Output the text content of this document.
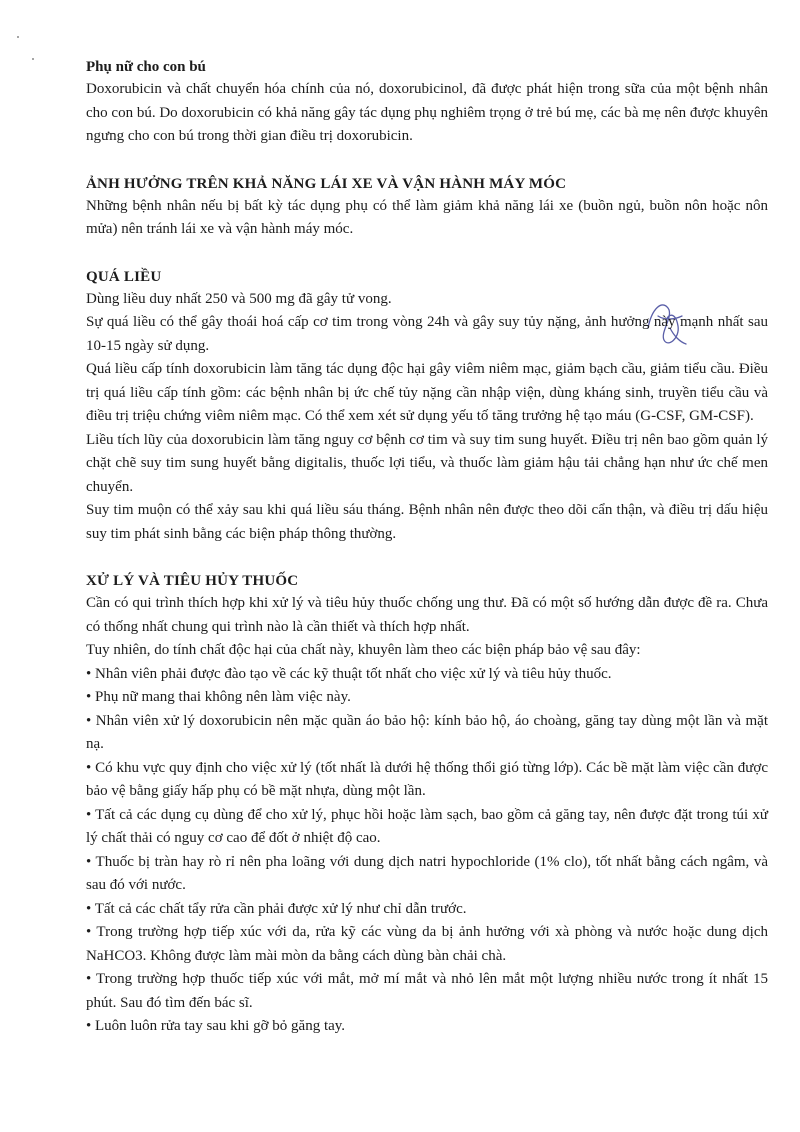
Phụ nữ cho con bú

Doxorubicin và chất chuyển hóa chính của nó, doxorubicinol, đã được phát hiện trong sữa của một bệnh nhân cho con bú. Do doxorubicin có khả năng gây tác dụng phụ nghiêm trọng ở trẻ bú mẹ, các bà mẹ nên được khuyên ngưng cho con bú trong thời gian điều trị doxorubicin.

ẢNH HƯỞNG TRÊN KHẢ NĂNG LÁI XE VÀ VẬN HÀNH MÁY MÓC

Những bệnh nhân nếu bị bất kỳ tác dụng phụ có thể làm giảm khả năng lái xe (buồn ngủ, buồn nôn hoặc nôn mửa) nên tránh lái xe và vận hành máy móc.

QUÁ LIỀU

Dùng liều duy nhất 250 và 500 mg đã gây tử vong.

Sự quá liều có thể gây thoái hoá cấp cơ tim trong vòng 24h và gây suy tủy nặng, ảnh hưởng này mạnh nhất sau 10-15 ngày sử dụng.

Quá liều cấp tính doxorubicin làm tăng tác dụng độc hại gây viêm niêm mạc, giảm bạch cầu, giảm tiểu cầu. Điều trị quá liều cấp tính gồm: các bệnh nhân bị ức chế tủy nặng cần nhập viện, dùng kháng sinh, truyền tiểu cầu và điều trị triệu chứng viêm niêm mạc. Có thể xem xét sử dụng yếu tố tăng trưởng hệ tạo máu (G-CSF, GM-CSF).

Liều tích lũy của doxorubicin làm tăng nguy cơ bệnh cơ tim và suy tim sung huyết. Điều trị nên bao gồm quản lý chặt chẽ suy tim sung huyết bằng digitalis, thuốc lợi tiểu, và thuốc làm giảm hậu tải chẳng hạn như ức chế men chuyển.

Suy tim muộn có thể xảy sau khi quá liều sáu tháng. Bệnh nhân nên được theo dõi cẩn thận, và điều trị dấu hiệu suy tim phát sinh bằng các biện pháp thông thường.

XỬ LÝ VÀ TIÊU HỦY THUỐC

Cần có qui trình thích hợp khi xử lý và tiêu hủy thuốc chống ung thư. Đã có một số hướng dẫn được đề ra. Chưa có thống nhất chung qui trình nào là cần thiết và thích hợp nhất.

Tuy nhiên, do tính chất độc hại của chất này, khuyên làm theo các biện pháp bảo vệ sau đây:

• Nhân viên phải được đào tạo về các kỹ thuật tốt nhất cho việc xử lý và tiêu hủy thuốc.
• Phụ nữ mang thai không nên làm việc này.
• Nhân viên xử lý doxorubicin nên mặc quần áo bảo hộ: kính bảo hộ, áo choàng, găng tay dùng một lần và mặt nạ.
• Có khu vực quy định cho việc xử lý (tốt nhất là dưới hệ thống thổi gió từng lớp). Các bề mặt làm việc cần được bảo vệ bằng giấy hấp phụ có bề mặt nhựa, dùng một lần.
• Tất cả các dụng cụ dùng để cho xử lý, phục hồi hoặc làm sạch, bao gồm cả găng tay, nên được đặt trong túi xử lý chất thải có nguy cơ cao để đốt ở nhiệt độ cao.
• Thuốc bị tràn hay rò rỉ nên pha loãng với dung dịch natri hypochloride (1% clo), tốt nhất bằng cách ngâm, và sau đó với nước.
• Tất cả các chất tẩy rửa cần phải được xử lý như chỉ dẫn trước.
• Trong trường hợp tiếp xúc với da, rửa kỹ các vùng da bị ảnh hưởng với xà phòng và nước hoặc dung dịch NaHCO3. Không được làm mài mòn da bằng cách dùng bàn chải chà.
• Trong trường hợp thuốc tiếp xúc với mắt, mở mí mắt và nhỏ lên mắt một lượng nhiều nước trong ít nhất 15 phút. Sau đó tìm đến bác sĩ.
• Luôn luôn rửa tay sau khi gỡ bỏ găng tay.
